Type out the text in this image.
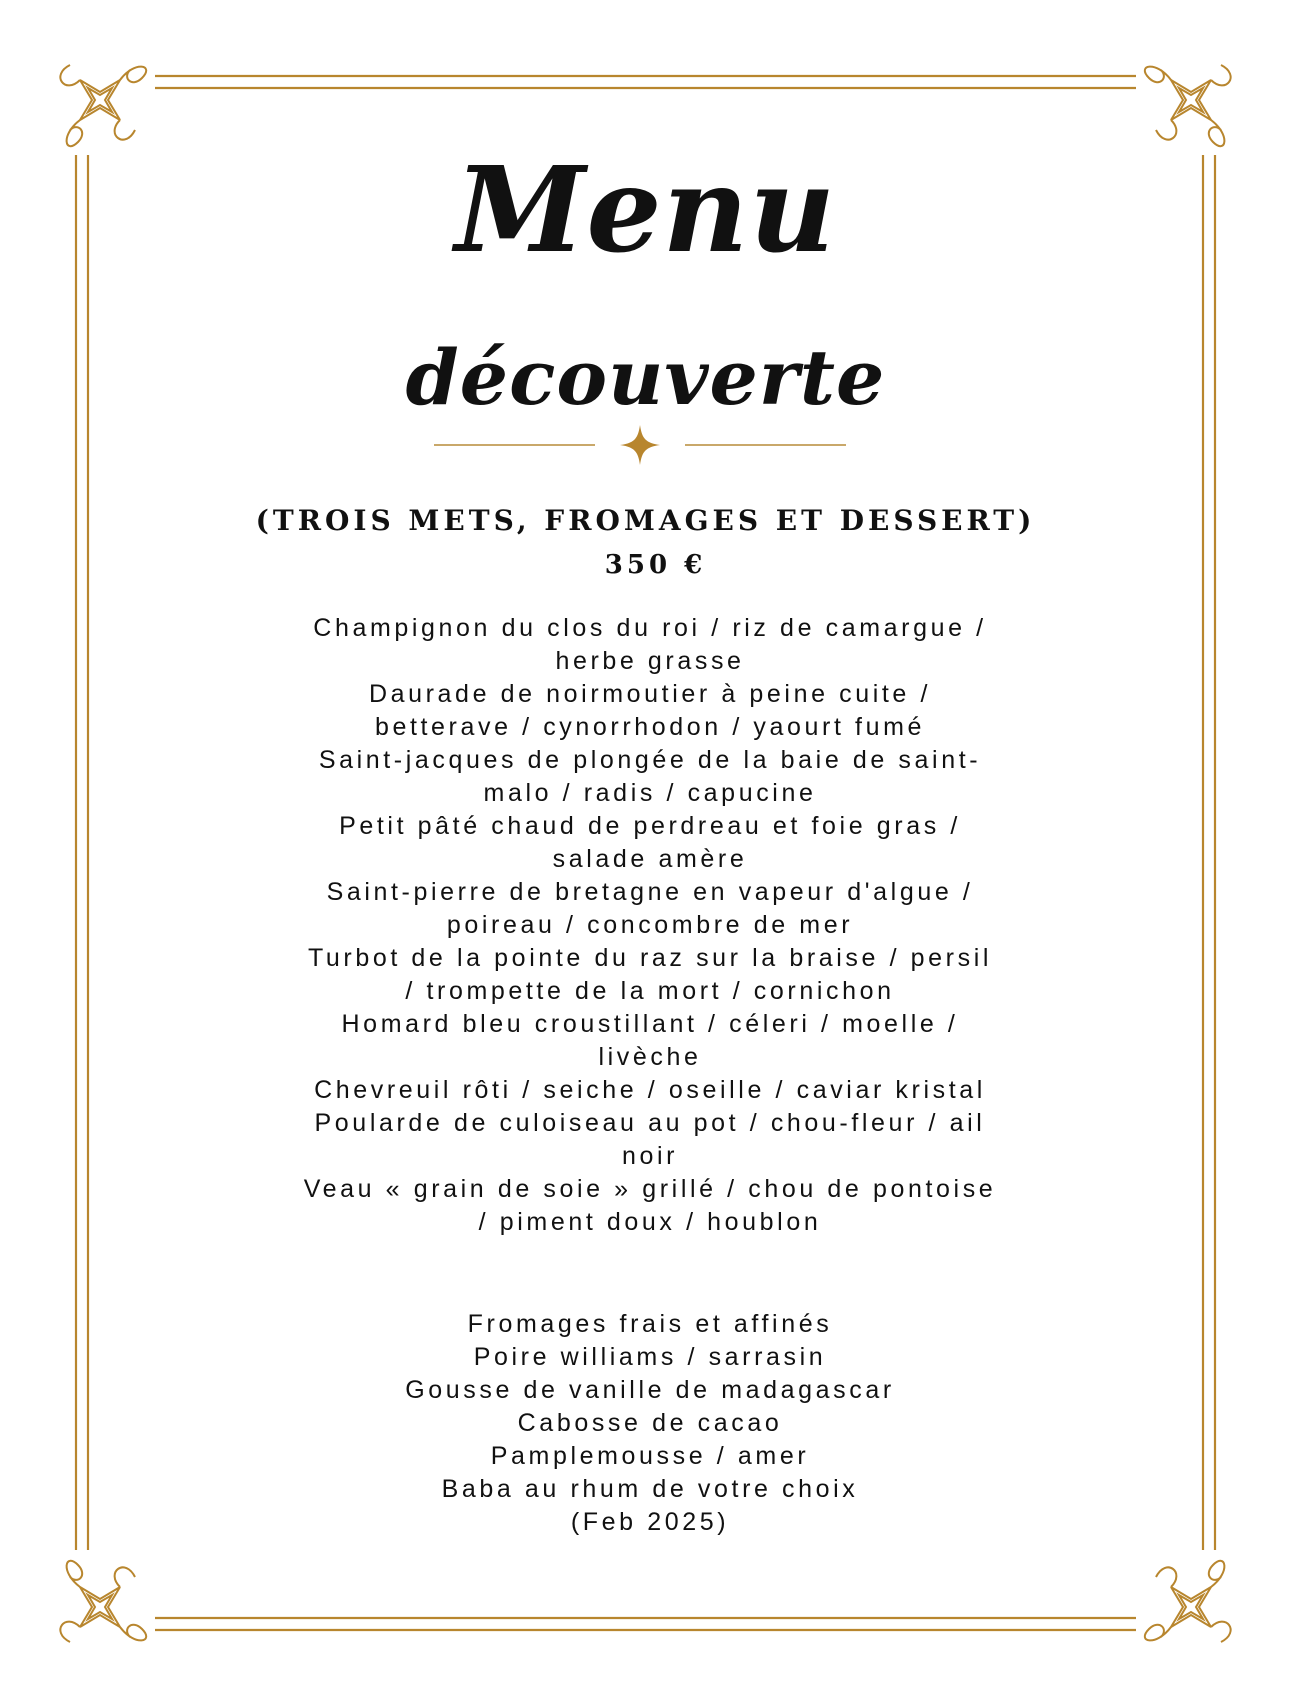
Menu
découverte

(TROIS METS, FROMAGES ET DESSERT)

350 €

Champignon du clos du roi / riz de camargue / herbe grasse
Daurade de noirmoutier à peine cuite / betterave / cynorrhodon / yaourt fumé
Saint-jacques de plongée de la baie de saint-malo / radis / capucine
Petit pâté chaud de perdreau et foie gras / salade amère
Saint-pierre de bretagne en vapeur d'algue / poireau / concombre de mer
Turbot de la pointe du raz sur la braise / persil / trompette de la mort / cornichon
Homard bleu croustillant / céleri / moelle / livèche
Chevreuil rôti / seiche / oseille / caviar kristal
Poularde de culoiseau au pot / chou-fleur / ail noir
Veau « grain de soie » grillé / chou de pontoise / piment doux / houblon
Fromages frais et affinés
Poire williams / sarrasin
Gousse de vanille de madagascar
Cabosse de cacao
Pamplemousse / amer
Baba au rhum de votre choix
(Feb 2025)
